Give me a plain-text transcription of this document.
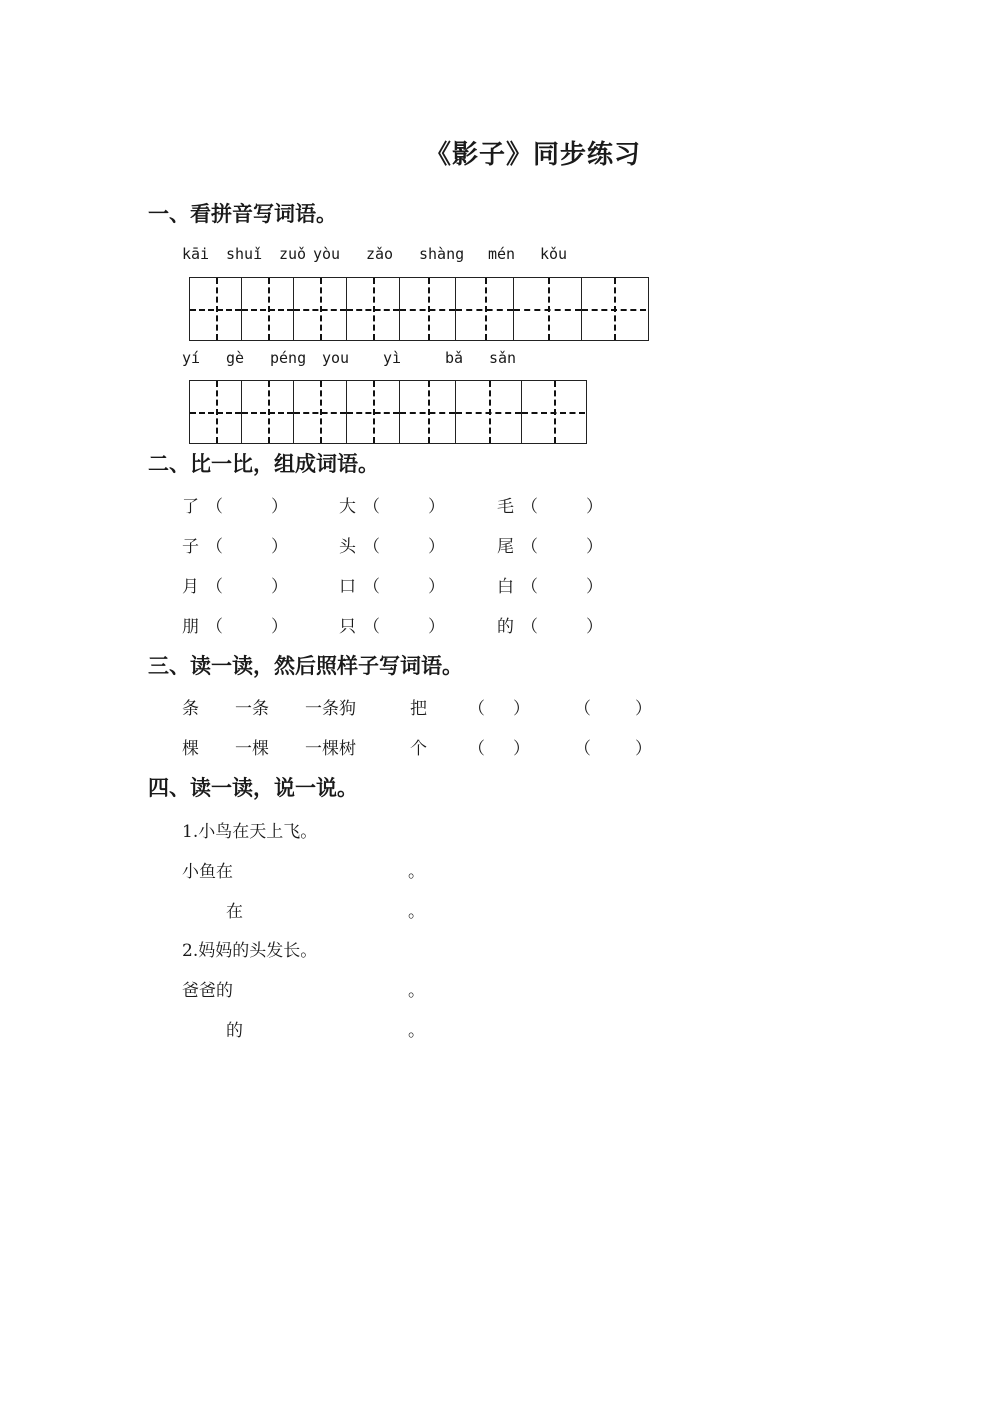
《影子》同步练习
一、看拼音写词语。
kāi shuǐ zuǒ yòu zǎo shàng mén kǒu
yí gè péng you yì	bǎ sǎn
二、比一比，组成词语。
了 （	）	大 （	）	毛 （	）
子 （	）	头 （	）	尾 （	）
月 （	）	口 （	）	白 （	）
朋 （	）	只 （	）	的 （	）
三、读一读，然后照样子写词语。
条 一条 一条狗	把 （ ）	（	）
棵 一棵 一棵树	个 （ ）	（	）
四、读一读，说一说。
1.小鸟在天上飞。
小鱼在	。
在	。
2.妈妈的头发长。
爸爸的	。
的	。
